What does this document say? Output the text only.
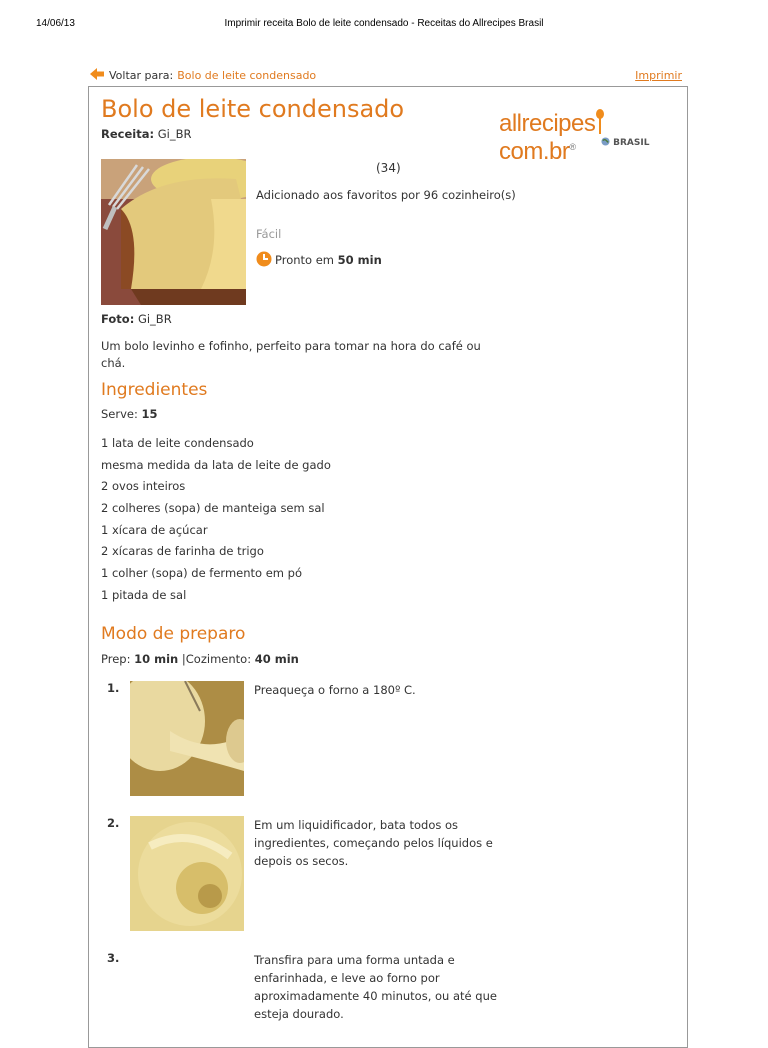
14/06/13	Imprimir receita Bolo de leite condensado - Receitas do Allrecipes Brasil
Voltar para: Bolo de leite condensado	Imprimir
Bolo de leite condensado
Receita: Gi_BR	allrecipescom.br®	BRASIL
(34)
Adicionado aos favoritos por 96 cozinheiro(s)
Fácil
Pronto em 50 min
Foto: Gi_BR
Um bolo levinho e fofinho, perfeito para tomar na hora do café ou chá.
Ingredientes
Serve: 15
1 lata de leite condensado
mesma medida da lata de leite de gado
2 ovos inteiros
2 colheres (sopa) de manteiga sem sal
1 xícara de açúcar
2 xícaras de farinha de trigo
1 colher (sopa) de fermento em pó
1 pitada de sal
Modo de preparo
Prep: 10 min |Cozimento: 40 min
1.	Preaqueça o forno a 180º C.
2.	Em um liquidificador, bata todos os ingredientes, começando pelos líquidos e depois os secos.
3.	Transfira para uma forma untada e enfarinhada, e leve ao forno por aproximadamente 40 minutos, ou até que esteja dourado.
